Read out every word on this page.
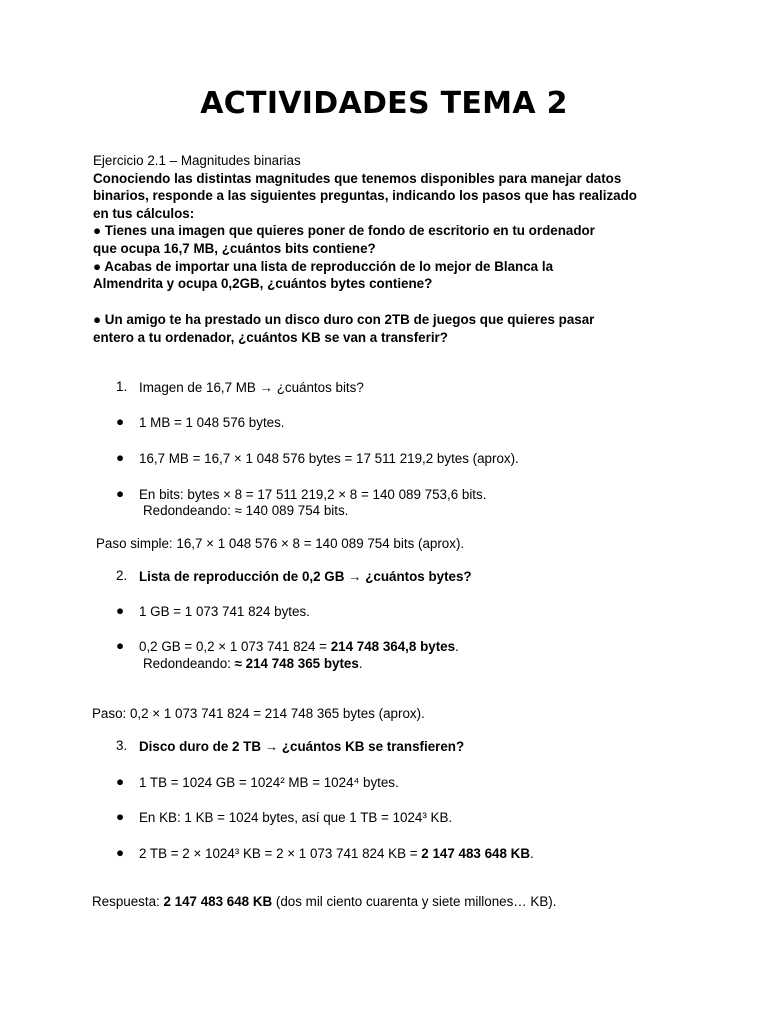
ACTIVIDADES TEMA 2
Ejercicio 2.1 – Magnitudes binarias
Conociendo las distintas magnitudes que tenemos disponibles para manejar datos
binarios, responde a las siguientes preguntas, indicando los pasos que has realizado
en tus cálculos:
● Tienes una imagen que quieres poner de fondo de escritorio en tu ordenador
que ocupa 16,7 MB, ¿cuántos bits contiene?
● Acabas de importar una lista de reproducción de lo mejor de Blanca la
Almendrita y ocupa 0,2GB, ¿cuántos bytes contiene?
● Un amigo te ha prestado un disco duro con 2TB de juegos que quieres pasar
entero a tu ordenador, ¿cuántos KB se van a transferir?
1. Imagen de 16,7 MB → ¿cuántos bits?
● 1 MB = 1 048 576 bytes.
● 16,7 MB = 16,7 × 1 048 576 bytes = 17 511 219,2 bytes (aprox).
● En bits: bytes × 8 = 17 511 219,2 × 8 = 140 089 753,6 bits.
Redondeando: ≈ 140 089 754 bits.
Paso simple: 16,7 × 1 048 576 × 8 = 140 089 754 bits (aprox).
2. Lista de reproducción de 0,2 GB → ¿cuántos bytes?
● 1 GB = 1 073 741 824 bytes.
● 0,2 GB = 0,2 × 1 073 741 824 = 214 748 364,8 bytes.
Redondeando: ≈ 214 748 365 bytes.
Paso: 0,2 × 1 073 741 824 = 214 748 365 bytes (aprox).
3. Disco duro de 2 TB → ¿cuántos KB se transfieren?
● 1 TB = 1024 GB = 1024² MB = 1024⁴ bytes.
● En KB: 1 KB = 1024 bytes, así que 1 TB = 1024³ KB.
● 2 TB = 2 × 1024³ KB = 2 × 1 073 741 824 KB = 2 147 483 648 KB.
Respuesta: 2 147 483 648 KB (dos mil ciento cuarenta y siete millones… KB).
